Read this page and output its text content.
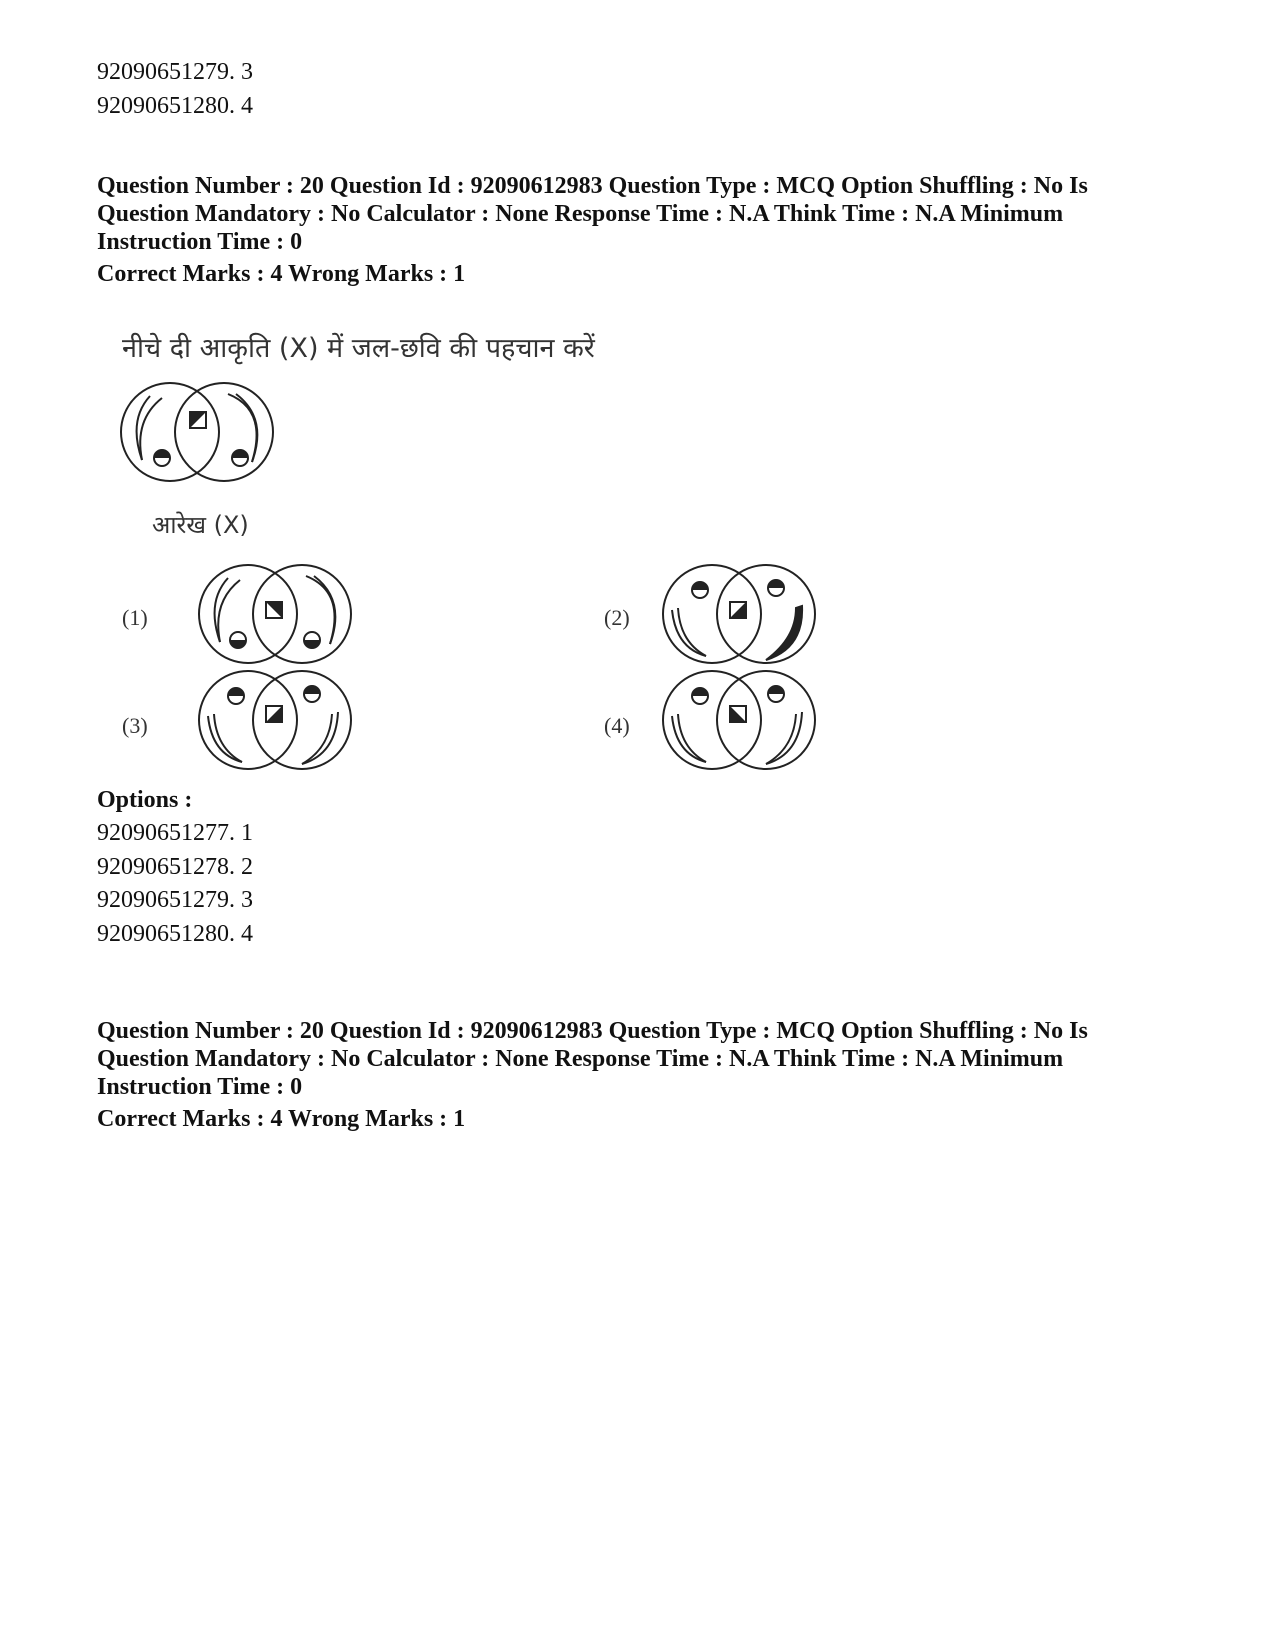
92090651279. 3
92090651280. 4

Question Number : 20 Question Id : 92090612983 Question Type : MCQ Option Shuffling : No Is

Question Mandatory : No Calculator : None Response Time : N.A Think Time : N.A Minimum

Instruction Time : 0

Correct Marks : 4 Wrong Marks : 1
नीचे दी आकृति (X) में जल-छवि की पहचान करें
आरेख (X)
(1)	(2)
(3)	(4)
Options :
92090651277. 1
92090651278. 2
92090651279. 3
92090651280. 4

Question Number : 20 Question Id : 92090612983 Question Type : MCQ Option Shuffling : No Is

Question Mandatory : No Calculator : None Response Time : N.A Think Time : N.A Minimum

Instruction Time : 0

Correct Marks : 4 Wrong Marks : 1
